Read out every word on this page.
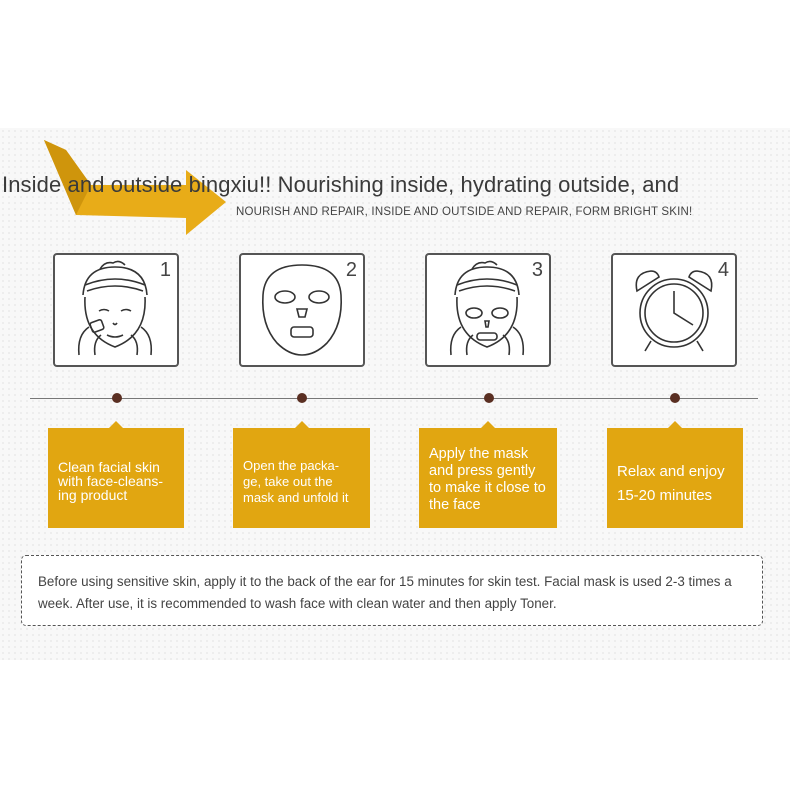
Inside and outside bingxiu!! Nourishing inside, hydrating outside, and
NOURISH AND REPAIR, INSIDE AND OUTSIDE AND REPAIR, FORM BRIGHT SKIN!
1	2	3	4
Clean facial skin with face-cleans- ing product
Open the packa- ge, take out the mask and unfold it
Apply the mask and press gently to make it close to the face
Relax and enjoy 15-20 minutes
Before using sensitive skin, apply it to the back of the ear for 15 minutes for skin test. Facial mask is used 2-3 times a week. After use, it is recommended to wash face with clean water and then apply Toner.
